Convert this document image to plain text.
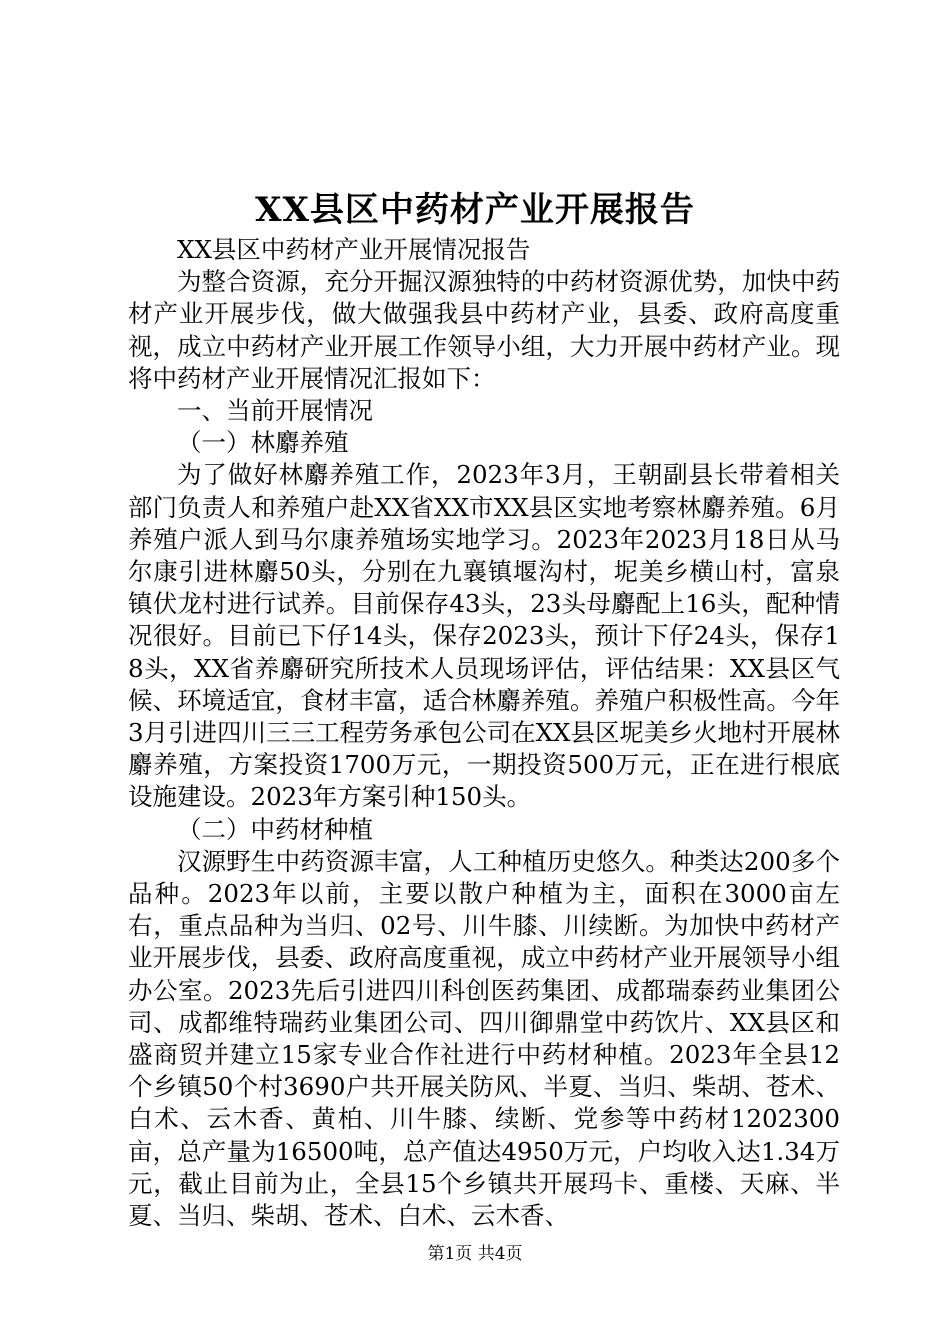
XX县区中药材产业开展报告

XX县区中药材产业开展情况报告

为整合资源，充分开掘汉源独特的中药材资源优势，加快中药材产业开展步伐，做大做强我县中药材产业，县委、政府高度重视，成立中药材产业开展工作领导小组，大力开展中药材产业。现将中药材产业开展情况汇报如下：

一、当前开展情况

（一）林麝养殖

为了做好林麝养殖工作，2023年3月，王朝副县长带着相关部门负责人和养殖户赴XX省XX市XX县区实地考察林麝养殖。6月养殖户派人到马尔康养殖场实地学习。2023年2023月18日从马尔康引进林麝50头，分别在九襄镇堰沟村，坭美乡横山村，富泉镇伏龙村进行试养。目前保存43头，23头母麝配上16头，配种情况很好。目前已下仔14头，保存2023头，预计下仔24头，保存18头，XX省养麝研究所技术人员现场评估，评估结果：XX县区气候、环境适宜，食材丰富，适合林麝养殖。养殖户积极性高。今年3月引进四川三三工程劳务承包公司在XX县区坭美乡火地村开展林麝养殖，方案投资1700万元，一期投资500万元，正在进行根底设施建设。2023年方案引种150头。

（二）中药材种植

汉源野生中药资源丰富，人工种植历史悠久。种类达200多个品种。2023年以前，主要以散户种植为主，面积在3000亩左右，重点品种为当归、02号、川牛膝、川续断。为加快中药材产业开展步伐，县委、政府高度重视，成立中药材产业开展领导小组办公室。2023先后引进四川科创医药集团、成都瑞泰药业集团公司、成都维特瑞药业集团公司、四川御鼎堂中药饮片、XX县区和盛商贸并建立15家专业合作社进行中药材种植。2023年全县12个乡镇50个村3690户共开展关防风、半夏、当归、柴胡、苍术、白术、云木香、黄柏、川牛膝、续断、党参等中药材1202300亩，总产量为16500吨，总产值达4950万元，户均收入达1.34万元，截止目前为止，全县15个乡镇共开展玛卡、重楼、天麻、半夏、当归、柴胡、苍术、白术、云木香、

第1页 共4页
